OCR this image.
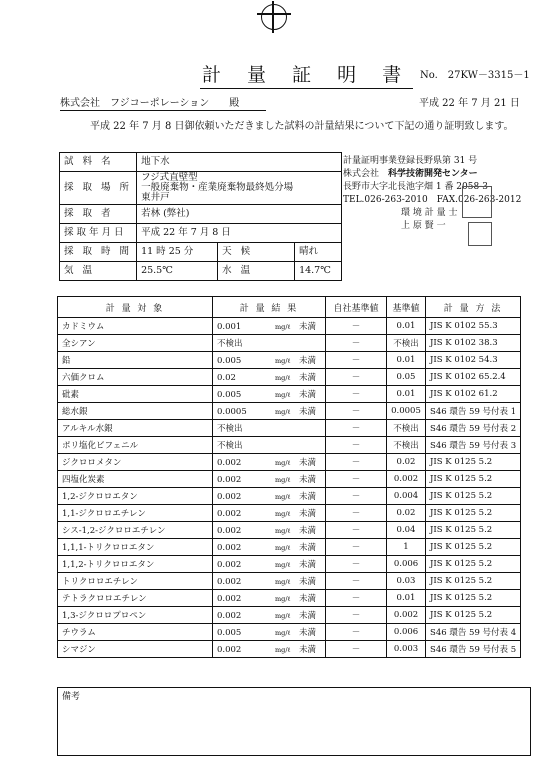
計 量 証 明 書 No.　 27KW－3315－1
株式会社　フジコーポレーション　　殿	平成 22 年 7 月 21 日
平成 22 年 7 月 8 日御依頼いただきました試料の計量結果について下記の通り証明致します。
試 料 名	地下水		
採 取 場 所	フジ式直壁型
一般廃棄物・産業廃棄物最終処分場
東井戸		

採 取 者	若林 (弊社)		
採取年月日	平成 22 年 7 月 8 日		
採 取 時 間	11 時 25 分	天 候	晴れ
気 温	25.5℃	水 温	14.7℃
計量証明事業登録長野県第 31 号
株式会社　 科学技術開発センター
長野市大字北長池字畑 1 番 2058-3
TEL.026-263-2010　FAX.026-263-2012
環 境 計 量 士
上 原 賢 一
計 量 対 象	計 量 結 果	自社基準値	基準値	計 量 方 法
カドミウム	0.001 mg/ℓ 未満	－	0.01	JIS K 0102 55.3
全シアン	不検出	－	不検出	JIS K 0102 38.3
鉛	0.005 mg/ℓ 未満	－	0.01	JIS K 0102 54.3
六価クロム	0.02 mg/ℓ 未満	－	0.05	JIS K 0102 65.2.4
砒素	0.005 mg/ℓ 未満	－	0.01	JIS K 0102 61.2
総水銀	0.0005 mg/ℓ 未満	－	0.0005	S46 環告 59 号付表 1
アルキル水銀	不検出	－	不検出	S46 環告 59 号付表 2
ポリ塩化ビフェニル	不検出	－	不検出	S46 環告 59 号付表 3
ジクロロメタン	0.002 mg/ℓ 未満	－	0.02	JIS K 0125 5.2
四塩化炭素	0.002 mg/ℓ 未満	－	0.002	JIS K 0125 5.2
1,2-ジクロロエタン	0.002 mg/ℓ 未満	－	0.004	JIS K 0125 5.2
1,1-ジクロロエチレン	0.002 mg/ℓ 未満	－	0.02	JIS K 0125 5.2
シス-1,2-ジクロロエチレン	0.002 mg/ℓ 未満	－	0.04	JIS K 0125 5.2
1,1,1-トリクロロエタン	0.002 mg/ℓ 未満	－	1	JIS K 0125 5.2
1,1,2-トリクロロエタン	0.002 mg/ℓ 未満	－	0.006	JIS K 0125 5.2
トリクロロエチレン	0.002 mg/ℓ 未満	－	0.03	JIS K 0125 5.2
テトラクロロエチレン	0.002 mg/ℓ 未満	－	0.01	JIS K 0125 5.2
1,3-ジクロロプロペン	0.002 mg/ℓ 未満	－	0.002	JIS K 0125 5.2
チウラム	0.005 mg/ℓ 未満	－	0.006	S46 環告 59 号付表 4
シマジン	0.002 mg/ℓ 未満	－	0.003	S46 環告 59 号付表 5
備考
